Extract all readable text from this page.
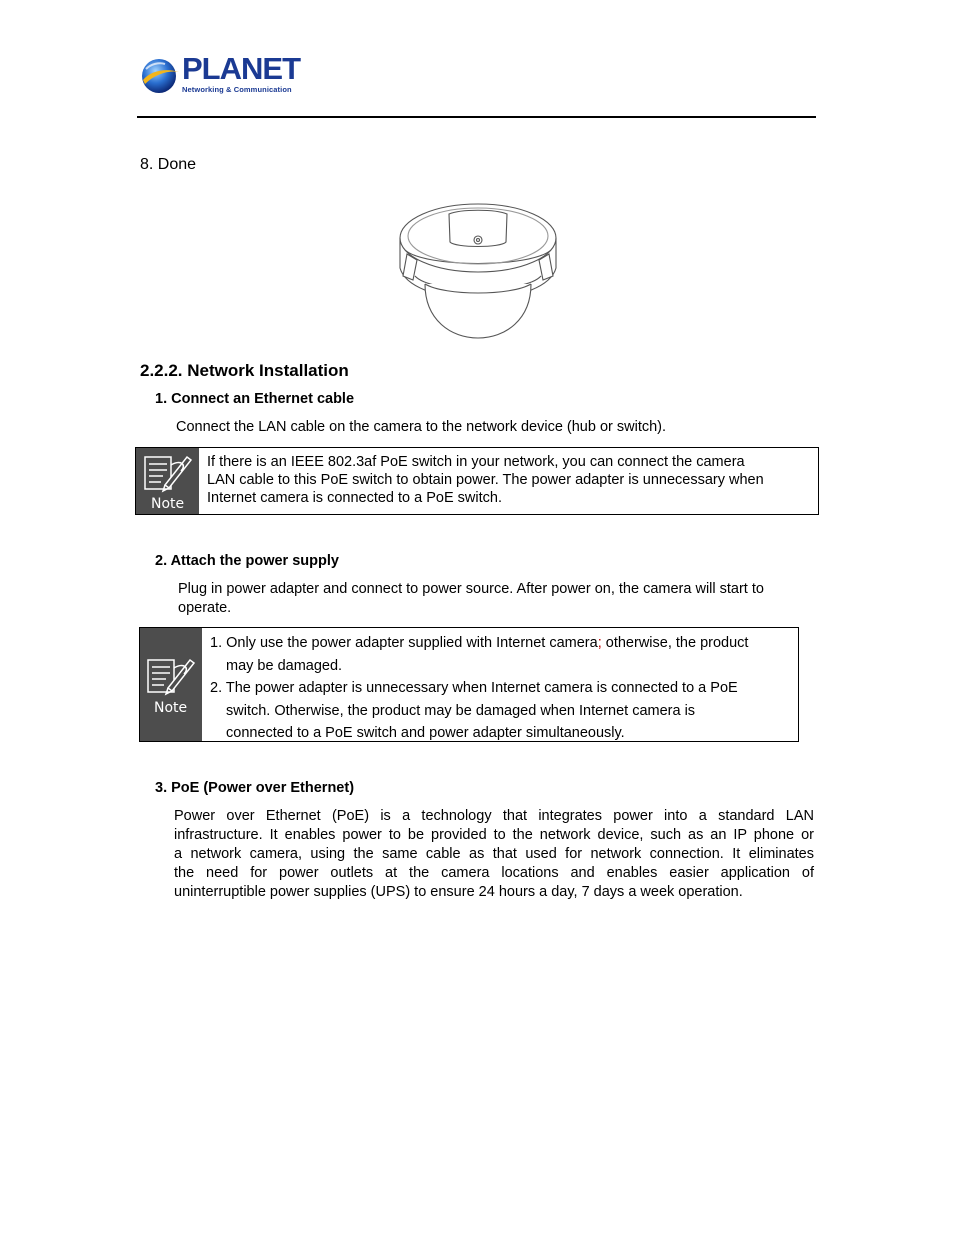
PLANET
Networking & Communication
8. Done
2.2.2. Network Installation
1. Connect an Ethernet cable
Connect the LAN cable on the camera to the network device (hub or switch).
Note
If there is an IEEE 802.3af PoE switch in your network, you can connect the camera
LAN cable to this PoE switch to obtain power. The power adapter is unnecessary when
Internet camera is connected to a PoE switch.
2. Attach the power supply
Plug in power adapter and connect to power source. After power on, the camera will start to
operate.
Note
1. Only use the power adapter supplied with Internet camera; otherwise, the product
may be damaged.
2. The power adapter is unnecessary when Internet camera is connected to a PoE
switch. Otherwise, the product may be damaged when Internet camera is
connected to a PoE switch and power adapter simultaneously.
3. PoE (Power over Ethernet)
Power over Ethernet (PoE) is a technology that integrates power into a standard LAN
infrastructure. It enables power to be provided to the network device, such as an IP phone or
a network camera, using the same cable as that used for network connection. It eliminates
the need for power outlets at the camera locations and enables easier application of
uninterruptible power supplies (UPS) to ensure 24 hours a day, 7 days a week operation.
